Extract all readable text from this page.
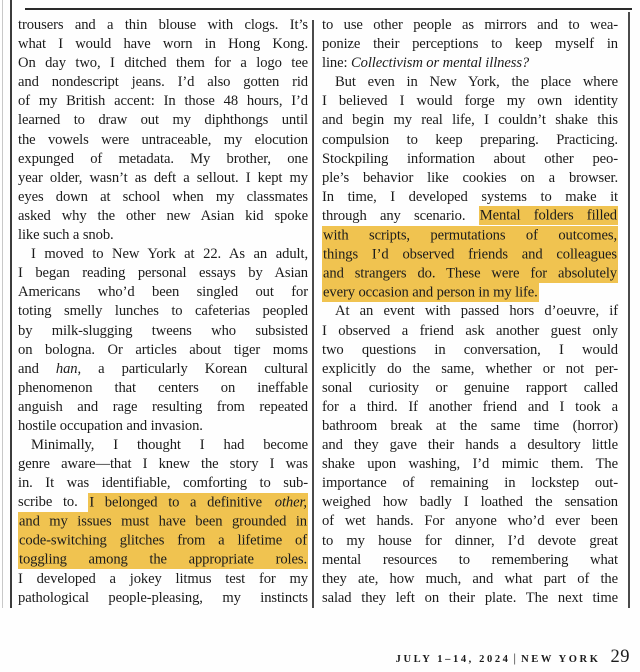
trousers and a thin blouse with clogs. It’s
what I would have worn in Hong Kong.
On day two, I ditched them for a logo tee
and nondescript jeans. I’d also gotten rid
of my British accent: In those 48 hours, I’d
learned to draw out my diphthongs until
the vowels were untraceable, my elocution
expunged of metadata. My brother, one
year older, wasn’t as deft a sellout. I kept my
eyes down at school when my classmates
asked why the other new Asian kid spoke
like such a snob.
I moved to New York at 22. As an adult,
I began reading personal essays by Asian
Americans who’d been singled out for
toting smelly lunches to cafeterias peopled
by milk-slugging tweens who subsisted
on bologna. Or articles about tiger moms
and han, a particularly Korean cultural
phenomenon that centers on ineffable
anguish and rage resulting from repeated
hostile occupation and invasion.
Minimally, I thought I had become
genre aware—that I knew the story I was
in. It was identifiable, comforting to sub-
scribe to. I belonged to a definitive other,
and my issues must have been grounded in
code-switching glitches from a lifetime of
toggling among the appropriate roles.
I developed a jokey litmus test for my
pathological people-pleasing, my instincts
to use other people as mirrors and to wea-
ponize their perceptions to keep myself in
line: Collectivism or mental illness?
But even in New York, the place where
I believed I would forge my own identity
and begin my real life, I couldn’t shake this
compulsion to keep preparing. Practicing.
Stockpiling information about other peo-
ple’s behavior like cookies on a browser.
In time, I developed systems to make it
through any scenario. Mental folders filled
with scripts, permutations of outcomes,
things I’d observed friends and colleagues
and strangers do. These were for absolutely
every occasion and person in my life.
At an event with passed hors d’oeuvre, if
I observed a friend ask another guest only
two questions in conversation, I would
explicitly do the same, whether or not per-
sonal curiosity or genuine rapport called
for a third. If another friend and I took a
bathroom break at the same time (horror)
and they gave their hands a desultory little
shake upon washing, I’d mimic them. The
importance of remaining in lockstep out-
weighed how badly I loathed the sensation
of wet hands. For anyone who’d ever been
to my house for dinner, I’d devote great
mental resources to remembering what
they ate, how much, and what part of the
salad they left on their plate. The next time
JULY 1–14, 2024 | NEW YORK 29
